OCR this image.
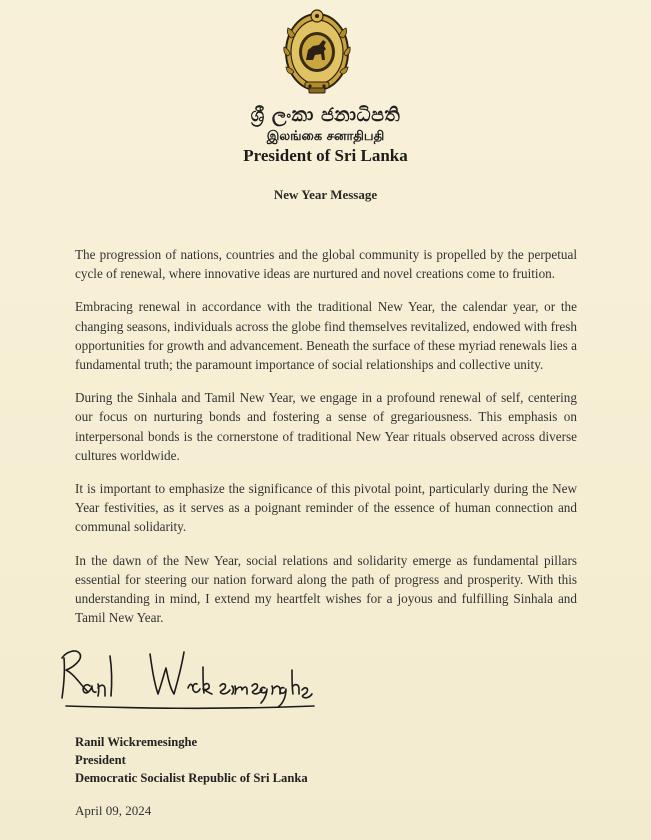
ශ්‍රී ලංකා ජනාධිපති
இலங்கை சனாதிபதி
President of Sri Lanka
New Year Message

The progression of nations, countries and the global community is propelled by the perpetual cycle of renewal, where innovative ideas are nurtured and novel creations come to fruition.

Embracing renewal in accordance with the traditional New Year, the calendar year, or the changing seasons, individuals across the globe find themselves revitalized, endowed with fresh opportunities for growth and advancement. Beneath the surface of these myriad renewals lies a fundamental truth; the paramount importance of social relationships and collective unity.

During the Sinhala and Tamil New Year, we engage in a profound renewal of self, centering our focus on nurturing bonds and fostering a sense of gregariousness. This emphasis on interpersonal bonds is the cornerstone of traditional New Year rituals observed across diverse cultures worldwide.

It is important to emphasize the significance of this pivotal point, particularly during the New Year festivities, as it serves as a poignant reminder of the essence of human connection and communal solidarity.

In the dawn of the New Year, social relations and solidarity emerge as fundamental pillars essential for steering our nation forward along the path of progress and prosperity. With this understanding in mind, I extend my heartfelt wishes for a joyous and fulfilling Sinhala and Tamil New Year.

Ranil Wickremesinghe
President
Democratic Socialist Republic of Sri Lanka
April 09, 2024
